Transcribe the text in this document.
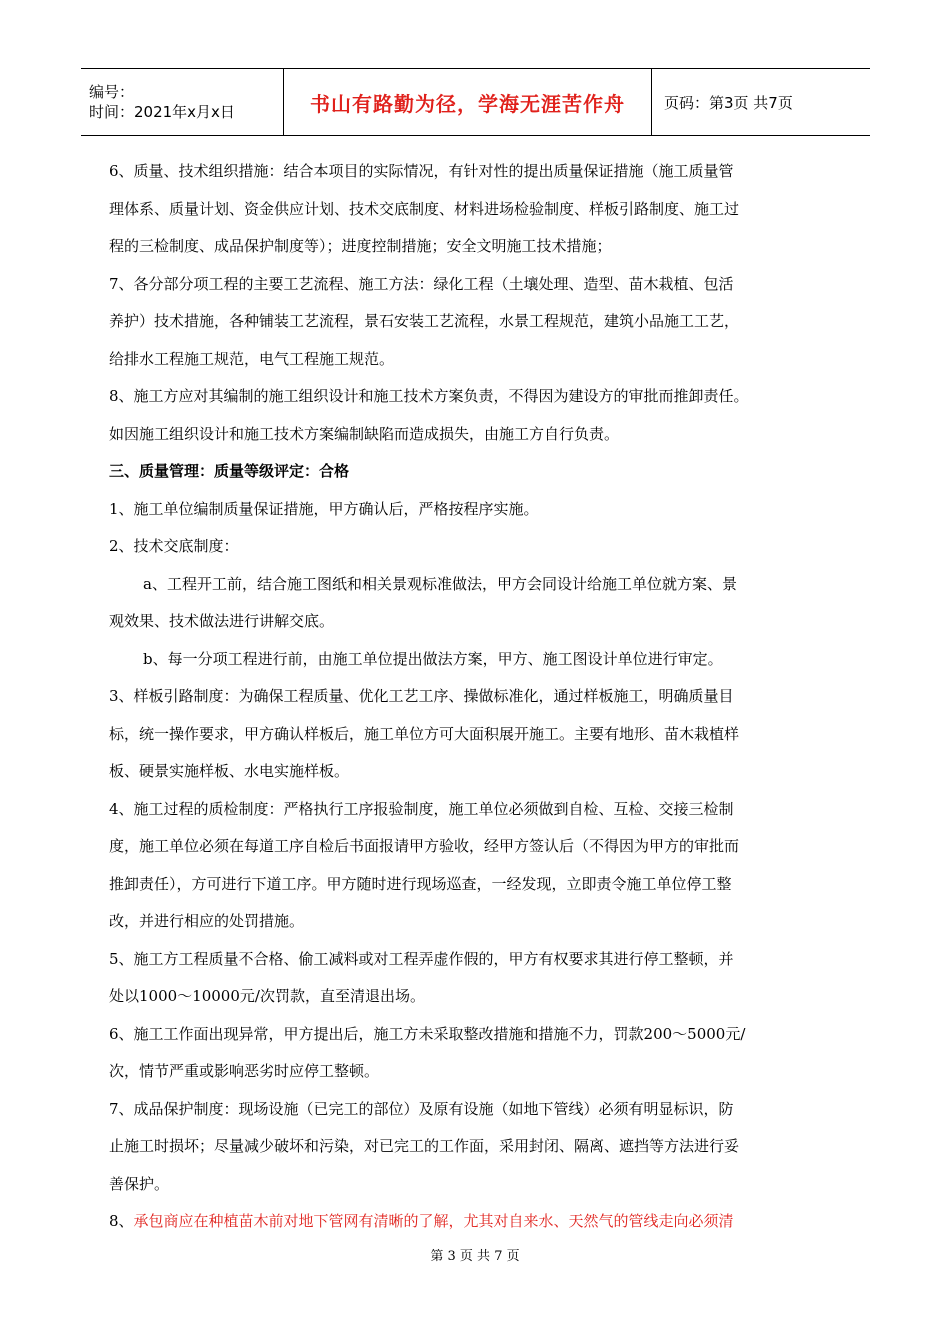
编号：
时间：2021年x月x日	书山有路勤为径，学海无涯苦作舟	页码：第3页 共7页

6、质量、技术组织措施：结合本项目的实际情况，有针对性的提出质量保证措施（施工质量管

理体系、质量计划、资金供应计划、技术交底制度、材料进场检验制度、样板引路制度、施工过

程的三检制度、成品保护制度等）；进度控制措施；安全文明施工技术措施；

7、各分部分项工程的主要工艺流程、施工方法：绿化工程（土壤处理、造型、苗木栽植、包活

养护）技术措施，各种铺装工艺流程，景石安装工艺流程，水景工程规范，建筑小品施工工艺，

给排水工程施工规范，电气工程施工规范。

8、施工方应对其编制的施工组织设计和施工技术方案负责，不得因为建设方的审批而推卸责任。

如因施工组织设计和施工技术方案编制缺陷而造成损失，由施工方自行负责。

三、质量管理：质量等级评定：合格

1、施工单位编制质量保证措施，甲方确认后，严格按程序实施。

2、技术交底制度：

a、工程开工前，结合施工图纸和相关景观标准做法，甲方会同设计给施工单位就方案、景

观效果、技术做法进行讲解交底。

b、每一分项工程进行前，由施工单位提出做法方案，甲方、施工图设计单位进行审定。

3、样板引路制度：为确保工程质量、优化工艺工序、操做标准化，通过样板施工，明确质量目

标，统一操作要求，甲方确认样板后，施工单位方可大面积展开施工。主要有地形、苗木栽植样

板、硬景实施样板、水电实施样板。

4、施工过程的质检制度：严格执行工序报验制度，施工单位必须做到自检、互检、交接三检制

度，施工单位必须在每道工序自检后书面报请甲方验收，经甲方签认后（不得因为甲方的审批而

推卸责任），方可进行下道工序。甲方随时进行现场巡查，一经发现，立即责令施工单位停工整

改，并进行相应的处罚措施。

5、施工方工程质量不合格、偷工减料或对工程弄虚作假的，甲方有权要求其进行停工整顿，并

处以1000～10000元/次罚款，直至清退出场。

6、施工工作面出现异常，甲方提出后，施工方未采取整改措施和措施不力，罚款200～5000元/

次，情节严重或影响恶劣时应停工整顿。

7、成品保护制度：现场设施（已完工的部位）及原有设施（如地下管线）必须有明显标识，防

止施工时损坏；尽量减少破坏和污染，对已完工的工作面，采用封闭、隔离、遮挡等方法进行妥

善保护。

8、承包商应在种植苗木前对地下管网有清晰的了解，尤其对自来水、天然气的管线走向必须清

第 3 页 共 7 页
